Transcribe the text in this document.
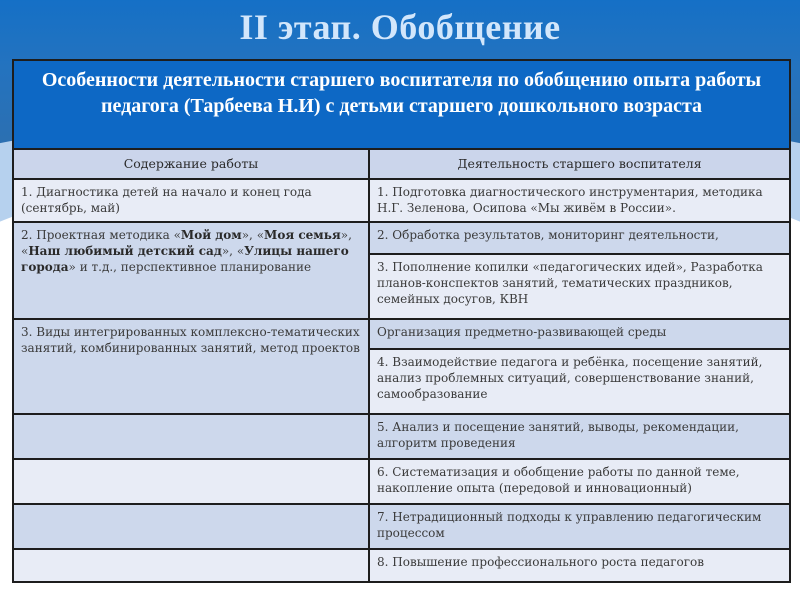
II этап. Обобщение
Особенности деятельности старшего воспитателя по обобщению опыта работы педагога (Тарбеева Н.И) с детьми старшего дошкольного возраста	
Содержание работы	Деятельность старшего воспитателя
1. Диагностика детей на начало и конец года (сентябрь, май)	1. Подготовка диагностического инструментария, методика Н.Г. Зеленова, Осипова «Мы живём в России».
2. Проектная методика «Мой дом», «Моя семья», «Наш любимый детский сад», «Улицы нашего города» и т.д., перспективное планирование	2. Обработка результатов, мониторинг деятельности,
	3. Пополнение копилки «педагогических идей», Разработка планов-конспектов занятий, тематических праздников, семейных досугов, КВН
3. Виды интегрированных комплексно-тематических занятий, комбинированных занятий, метод проектов	Организация предметно-развивающей среды
	4. Взаимодействие педагога и ребёнка, посещение занятий, анализ проблемных ситуаций, совершенствование знаний, самообразование
	5. Анализ и посещение занятий, выводы, рекомендации, алгоритм проведения
	6. Систематизация и обобщение работы по данной теме, накопление опыта (передовой и инновационный)
	7. Нетрадиционный подходы к управлению педагогическим процессом
	8. Повышение профессионального роста педагогов
